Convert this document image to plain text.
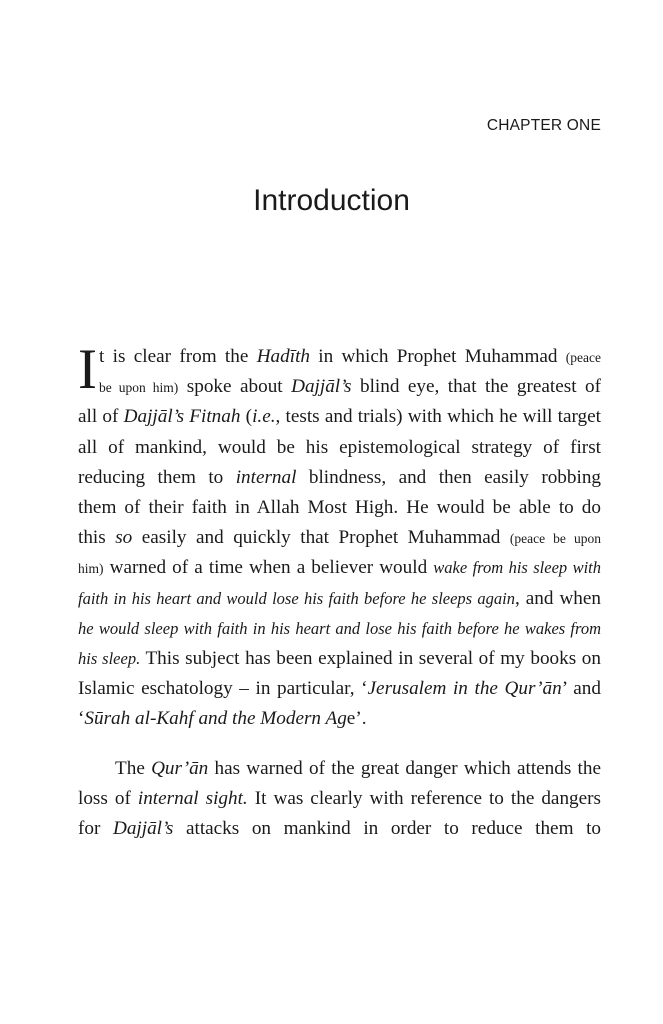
CHAPTER ONE
Introduction
It is clear from the Hadīth in which Prophet Muhammad (peace
be upon him) spoke about Dajjāl’s blind eye, that the greatest of
all of Dajjāl’s Fitnah (i.e., tests and trials) with which he will target
all of mankind, would be his epistemological strategy of first
reducing them to internal blindness, and then easily robbing
them of their faith in Allah Most High. He would be able to do
this so easily and quickly that Prophet Muhammad (peace be upon
him) warned of a time when a believer would wake from his sleep with
faith in his heart and would lose his faith before he sleeps again, and when
he would sleep with faith in his heart and lose his faith before he wakes from
his sleep. This subject has been explained in several of my books on
Islamic eschatology – in particular, ‘Jerusalem in the Qur’ān’ and
‘Sūrah al-Kahf and the Modern Age’.
The Qur’ān has warned of the great danger which attends the
loss of internal sight. It was clearly with reference to the dangers
for Dajjāl’s attacks on mankind in order to reduce them to
